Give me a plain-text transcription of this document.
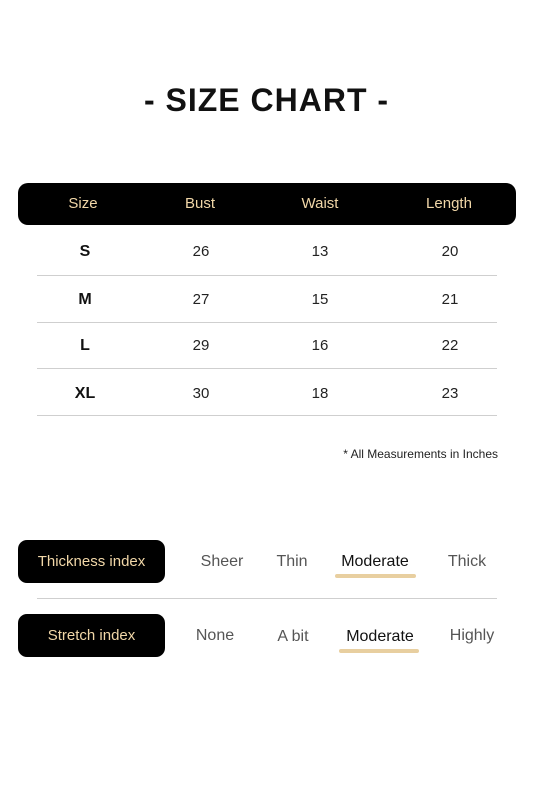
- SIZE CHART -
Size	Bust	Waist	Length
S	26	13	20
M	27	15	21
L	29	16	22
XL	30	18	23
* All Measurements in Inches
Thickness index	Sheer	Thin	Moderate	Thick
Stretch index	None	A bit	Moderate	Highly
